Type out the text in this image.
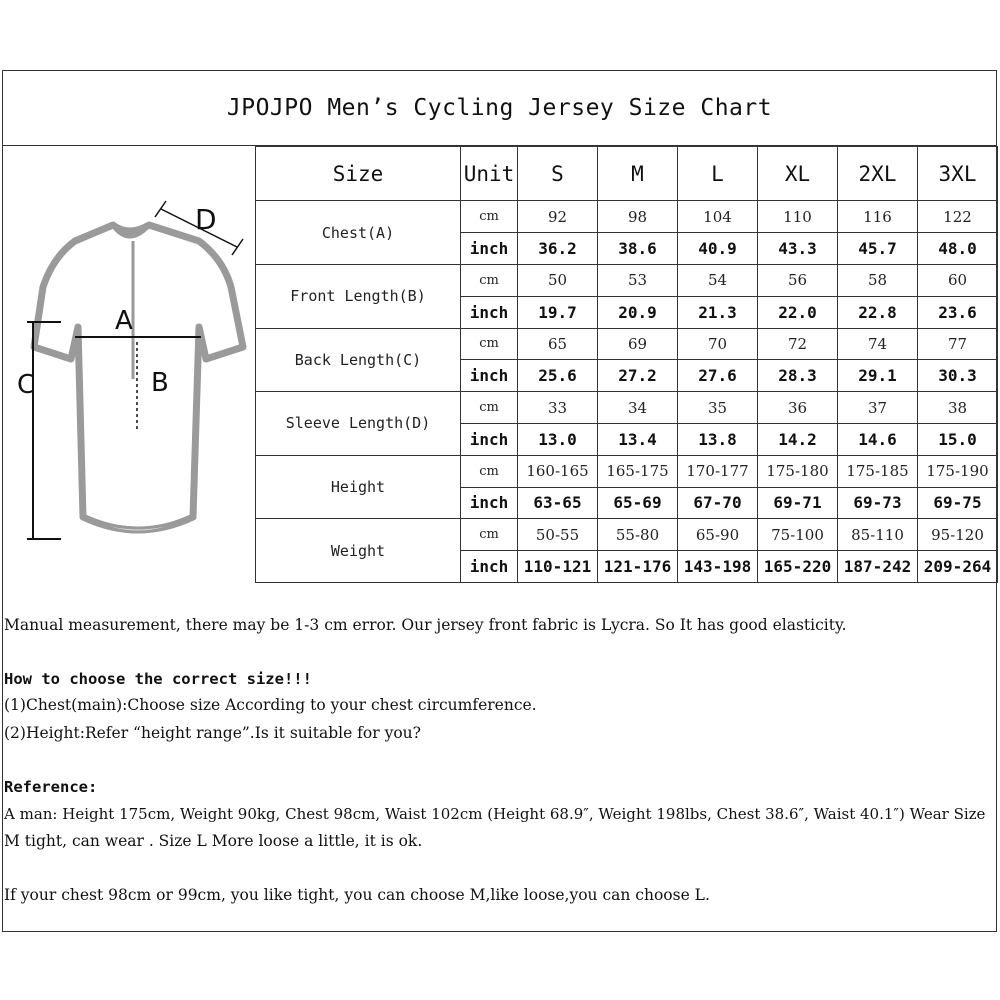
JPOJPO Men’s Cycling Jersey Size Chart
A
B
C
D
Size	Unit	S	M	L	XL	2XL	3XL
Chest(A)	cm	92	98	104	110	116	122
	inch	36.2	38.6	40.9	43.3	45.7	48.0
Front Length(B)	cm	50	53	54	56	58	60
	inch	19.7	20.9	21.3	22.0	22.8	23.6
Back Length(C)	cm	65	69	70	72	74	77
	inch	25.6	27.2	27.6	28.3	29.1	30.3
Sleeve Length(D)	cm	33	34	35	36	37	38
	inch	13.0	13.4	13.8	14.2	14.6	15.0
Height	cm	160-165	165-175	170-177	175-180	175-185	175-190
	inch	63-65	65-69	67-70	69-71	69-73	69-75
Weight	cm	50-55	55-80	65-90	75-100	85-110	95-120
	inch	110-121	121-176	143-198	165-220	187-242	209-264
Manual measurement, there may be 1-3 cm error. Our jersey front fabric is Lycra. So It has good elasticity.
How to choose the correct size!!!
(1)Chest(main):Choose size According to your chest circumference.
(2)Height:Refer “height range”.Is it suitable for you?
Reference:
A man: Height 175cm, Weight 90kg, Chest 98cm, Waist 102cm (Height 68.9″, Weight 198lbs, Chest 38.6″, Waist 40.1″) Wear Size
M tight, can wear . Size L More loose a little, it is ok.
If your chest 98cm or 99cm, you like tight, you can choose M,like loose,you can choose L.
